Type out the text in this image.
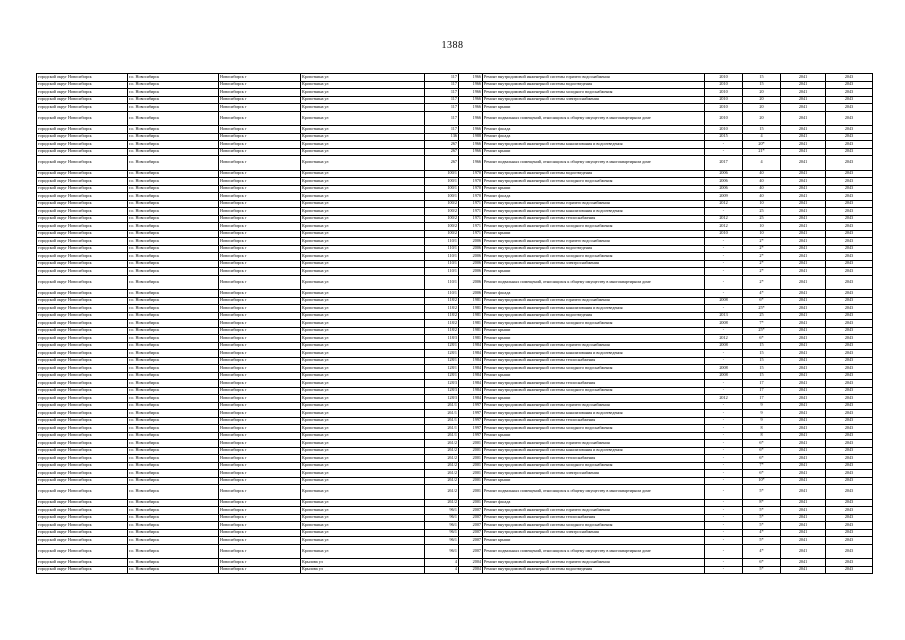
1388
городской округ Новосибирск	г.о. Новосибирск	Новосибирск г	Кропоткина ул	117	1966	Ремонт внутридомовой инженерной системы горячего водоснабжения	2010	15	2041	2043
городской округ Новосибирск	г.о. Новосибирск	Новосибирск г	Кропоткина ул	117	1966	Ремонт внутридомовой инженерной системы водоотведения	2010	15	2041	2043
городской округ Новосибирск	г.о. Новосибирск	Новосибирск г	Кропоткина ул	117	1966	Ремонт внутридомовой инженерной системы холодного водоснабжения	2010	20	2041	2043
городской округ Новосибирск	г.о. Новосибирск	Новосибирск г	Кропоткина ул	117	1966	Ремонт внутридомовой инженерной системы электроснабжения	2010	20	2041	2043
городской округ Новосибирск	г.о. Новосибирск	Новосибирск г	Кропоткина ул	117	1966	Ремонт крыши	2010	20	2041	2043
городской округ Новосибирск	г.о. Новосибирск	Новосибирск г	Кропоткина ул	117	1966	Ремонт подвальных помещений, относящихся к общему имуществу в многоквартирном доме	2010	20	2041	2043
городской округ Новосибирск	г.о. Новосибирск	Новосибирск г	Кропоткина ул	117	1966	Ремонт фасада	2010	15	2041	2043
городской округ Новосибирск	г.о. Новосибирск	Новосибирск г	Кропоткина ул	136	1988	Ремонт фасада	2015	4	2041	2043
городской округ Новосибирск	г.о. Новосибирск	Новосибирск г	Кропоткина ул	267	1966	Ремонт внутридомовой инженерной системы канализования и водоотведения	-	20*	2041	2043
городской округ Новосибирск	г.о. Новосибирск	Новосибирск г	Кропоткина ул	267	1966	Ремонт крыши	-	21*	2041	2043
городской округ Новосибирск	г.о. Новосибирск	Новосибирск г	Кропоткина ул	267	1966	Ремонт подвальных помещений, относящихся к общему имуществу в многоквартирном доме	2017	4	2041	2043
городской округ Новосибирск	г.о. Новосибирск	Новосибирск г	Кропоткина ул	100/1	1970	Ремонт внутридомовой инженерной системы водоотведения	2006	40	2041	2043
городской округ Новосибирск	г.о. Новосибирск	Новосибирск г	Кропоткина ул	100/1	1970	Ремонт внутридомовой инженерной системы холодного водоснабжения	2006	40	2041	2043
городской округ Новосибирск	г.о. Новосибирск	Новосибирск г	Кропоткина ул	100/1	1970	Ремонт крыши	2006	40	2041	2043
городской округ Новосибирск	г.о. Новосибирск	Новосибирск г	Кропоткина ул	100/1	1970	Ремонт фасада	2009	40	2041	2043
городской округ Новосибирск	г.о. Новосибирск	Новосибирск г	Кропоткина ул	100/2	1971	Ремонт внутридомовой инженерной системы горячего водоснабжения	2012	10	2041	2043
городской округ Новосибирск	г.о. Новосибирск	Новосибирск г	Кропоткина ул	100/2	1971	Ремонт внутридомовой инженерной системы канализования и водоотведения	-	25	2041	2043
городской округ Новосибирск	г.о. Новосибирск	Новосибирск г	Кропоткина ул	100/2	1971	Ремонт внутридомовой инженерной системы теплоснабжения	2012	25	2041	2043
городской округ Новосибирск	г.о. Новосибирск	Новосибирск г	Кропоткина ул	100/2	1971	Ремонт внутридомовой инженерной системы холодного водоснабжения	2012	10	2041	2043
городской округ Новосибирск	г.о. Новосибирск	Новосибирск г	Кропоткина ул	100/2	1971	Ремонт крыши	2010	10	2041	2043
городской округ Новосибирск	г.о. Новосибирск	Новосибирск г	Кропоткина ул	110/1	2006	Ремонт внутридомовой инженерной системы горячего водоснабжения	-	2*	2041	2043
городской округ Новосибирск	г.о. Новосибирск	Новосибирск г	Кропоткина ул	110/1	2006	Ремонт внутридомовой инженерной системы водоотведения	-	2*	2041	2043
городской округ Новосибирск	г.о. Новосибирск	Новосибирск г	Кропоткина ул	110/1	2006	Ремонт внутридомовой инженерной системы холодного водоснабжения	-	2*	2041	2043
городской округ Новосибирск	г.о. Новосибирск	Новосибирск г	Кропоткина ул	110/1	2006	Ремонт внутридомовой инженерной системы электроснабжения	-	2*	2041	2043
городской округ Новосибирск	г.о. Новосибирск	Новосибирск г	Кропоткина ул	110/1	2006	Ремонт крыши	-	2*	2041	2043
городской округ Новосибирск	г.о. Новосибирск	Новосибирск г	Кропоткина ул	110/1	2006	Ремонт подвальных помещений, относящихся к общему имуществу в многоквартирном доме	-	2*	2041	2043
городской округ Новосибирск	г.о. Новосибирск	Новосибирск г	Кропоткина ул	110/1	2006	Ремонт фасада	-	4*	2041	2043
городской округ Новосибирск	г.о. Новосибирск	Новосибирск г	Кропоткина ул	118/2	1981	Ремонт внутридомовой инженерной системы горячего водоснабжения	2008	6*	2041	2043
городской округ Новосибирск	г.о. Новосибирск	Новосибирск г	Кропоткина ул	118/2	1981	Ремонт внутридомовой инженерной системы канализования и водоотведения	-	25*	2041	2043
городской округ Новосибирск	г.о. Новосибирск	Новосибирск г	Кропоткина ул	118/2	1981	Ремонт внутридомовой инженерной системы водоотведения	2013	25	2041	2043
городской округ Новосибирск	г.о. Новосибирск	Новосибирск г	Кропоткина ул	118/2	1981	Ремонт внутридомовой инженерной системы холодного водоснабжения	2008	7*	2041	2043
городской округ Новосибирск	г.о. Новосибирск	Новосибирск г	Кропоткина ул	118/2	1981	Ремонт крыши	-	25*	2041	2043
городской округ Новосибирск	г.о. Новосибирск	Новосибирск г	Кропоткина ул	118/3	1981	Ремонт крыши	2012	6*	2041	2043
городской округ Новосибирск	г.о. Новосибирск	Новосибирск г	Кропоткина ул	128/1	1984	Ремонт внутридомовой инженерной системы горячего водоснабжения	2008	15	2041	2043
городской округ Новосибирск	г.о. Новосибирск	Новосибирск г	Кропоткина ул	128/1	1984	Ремонт внутридомовой инженерной системы канализования и водоотведения	-	15	2041	2043
городской округ Новосибирск	г.о. Новосибирск	Новосибирск г	Кропоткина ул	128/1	1984	Ремонт внутридомовой инженерной системы теплоснабжения	-	15	2041	2043
городской округ Новосибирск	г.о. Новосибирск	Новосибирск г	Кропоткина ул	128/1	1984	Ремонт внутридомовой инженерной системы холодного водоснабжения	2008	15	2041	2043
городской округ Новосибирск	г.о. Новосибирск	Новосибирск г	Кропоткина ул	128/1	1984	Ремонт крыши	2008	15	2041	2043
городской округ Новосибирск	г.о. Новосибирск	Новосибирск г	Кропоткина ул	128/3	1984	Ремонт внутридомовой инженерной системы теплоснабжения	-	17	2041	2043
городской округ Новосибирск	г.о. Новосибирск	Новосибирск г	Кропоткина ул	128/3	1984	Ремонт внутридомовой инженерной системы холодного водоснабжения	-	17	2041	2043
городской округ Новосибирск	г.о. Новосибирск	Новосибирск г	Кропоткина ул	128/3	1984	Ремонт крыши	2012	17	2041	2043
городской округ Новосибирск	г.о. Новосибирск	Новосибирск г	Кропоткина ул	261/1	1997	Ремонт внутридомовой инженерной системы горячего водоснабжения	-	9	2041	2043
городской округ Новосибирск	г.о. Новосибирск	Новосибирск г	Кропоткина ул	261/1	1997	Ремонт внутридомовой инженерной системы канализования и водоотведения	-	9	2041	2043
городской округ Новосибирск	г.о. Новосибирск	Новосибирск г	Кропоткина ул	261/1	1997	Ремонт внутридомовой инженерной системы теплоснабжения	-	9	2041	2043
городской округ Новосибирск	г.о. Новосибирск	Новосибирск г	Кропоткина ул	261/1	1997	Ремонт внутридомовой инженерной системы холодного водоснабжения	-	8	2041	2043
городской округ Новосибирск	г.о. Новосибирск	Новосибирск г	Кропоткина ул	261/1	1997	Ремонт крыши	-	8	2041	2043
городской округ Новосибирск	г.о. Новосибирск	Новосибирск г	Кропоткина ул	261/2	2001	Ремонт внутридомовой инженерной системы горячего водоснабжения	-	6*	2041	2043
городской округ Новосибирск	г.о. Новосибирск	Новосибирск г	Кропоткина ул	261/2	2001	Ремонт внутридомовой инженерной системы канализования и водоотведения	-	6*	2041	2043
городской округ Новосибирск	г.о. Новосибирск	Новосибирск г	Кропоткина ул	261/2	2001	Ремонт внутридомовой инженерной системы теплоснабжения	-	6*	2041	2043
городской округ Новосибирск	г.о. Новосибирск	Новосибирск г	Кропоткина ул	261/2	2001	Ремонт внутридомовой инженерной системы холодного водоснабжения	-	7*	2041	2043
городской округ Новосибирск	г.о. Новосибирск	Новосибирск г	Кропоткина ул	261/2	2001	Ремонт внутридомовой инженерной системы электроснабжения	-	6*	2041	2043
городской округ Новосибирск	г.о. Новосибирск	Новосибирск г	Кропоткина ул	261/2	2001	Ремонт крыши	-	10*	2041	2043
городской округ Новосибирск	г.о. Новосибирск	Новосибирск г	Кропоткина ул	261/2	2001	Ремонт подвальных помещений, относящихся к общему имуществу в многоквартирном доме	-	5*	2041	2043
городской округ Новосибирск	г.о. Новосибирск	Новосибирск г	Кропоткина ул	261/2	2001	Ремонт фасада	-	8*	2041	2043
городской округ Новосибирск	г.о. Новосибирск	Новосибирск г	Кропоткина ул	96/1	2007	Ремонт внутридомовой инженерной системы горячего водоснабжения	-	5*	2041	2043
городской округ Новосибирск	г.о. Новосибирск	Новосибирск г	Кропоткина ул	96/1	2007	Ремонт внутридомовой инженерной системы теплоснабжения	-	5*	2041	2043
городской округ Новосибирск	г.о. Новосибирск	Новосибирск г	Кропоткина ул	96/1	2007	Ремонт внутридомовой инженерной системы холодного водоснабжения	-	5*	2041	2043
городской округ Новосибирск	г.о. Новосибирск	Новосибирск г	Кропоткина ул	96/1	2007	Ремонт внутридомовой инженерной системы электроснабжения	-	4*	2041	2043
городской округ Новосибирск	г.о. Новосибирск	Новосибирск г	Кропоткина ул	96/1	2007	Ремонт крыши	-	5*	2041	2043
городской округ Новосибирск	г.о. Новосибирск	Новосибирск г	Кропоткина ул	96/1	2007	Ремонт подвальных помещений, относящихся к общему имуществу в многоквартирном доме	-	4*	2041	2043
городской округ Новосибирск	г.о. Новосибирск	Новосибирск г	Крылова ул	4	2004	Ремонт внутридомовой инженерной системы горячего водоснабжения	-	6*	2041	2043
городской округ Новосибирск	г.о. Новосибирск	Новосибирск г	Крылова ул	4	2004	Ремонт внутридомовой инженерной системы водоотведения	-	5*	2041	2043
